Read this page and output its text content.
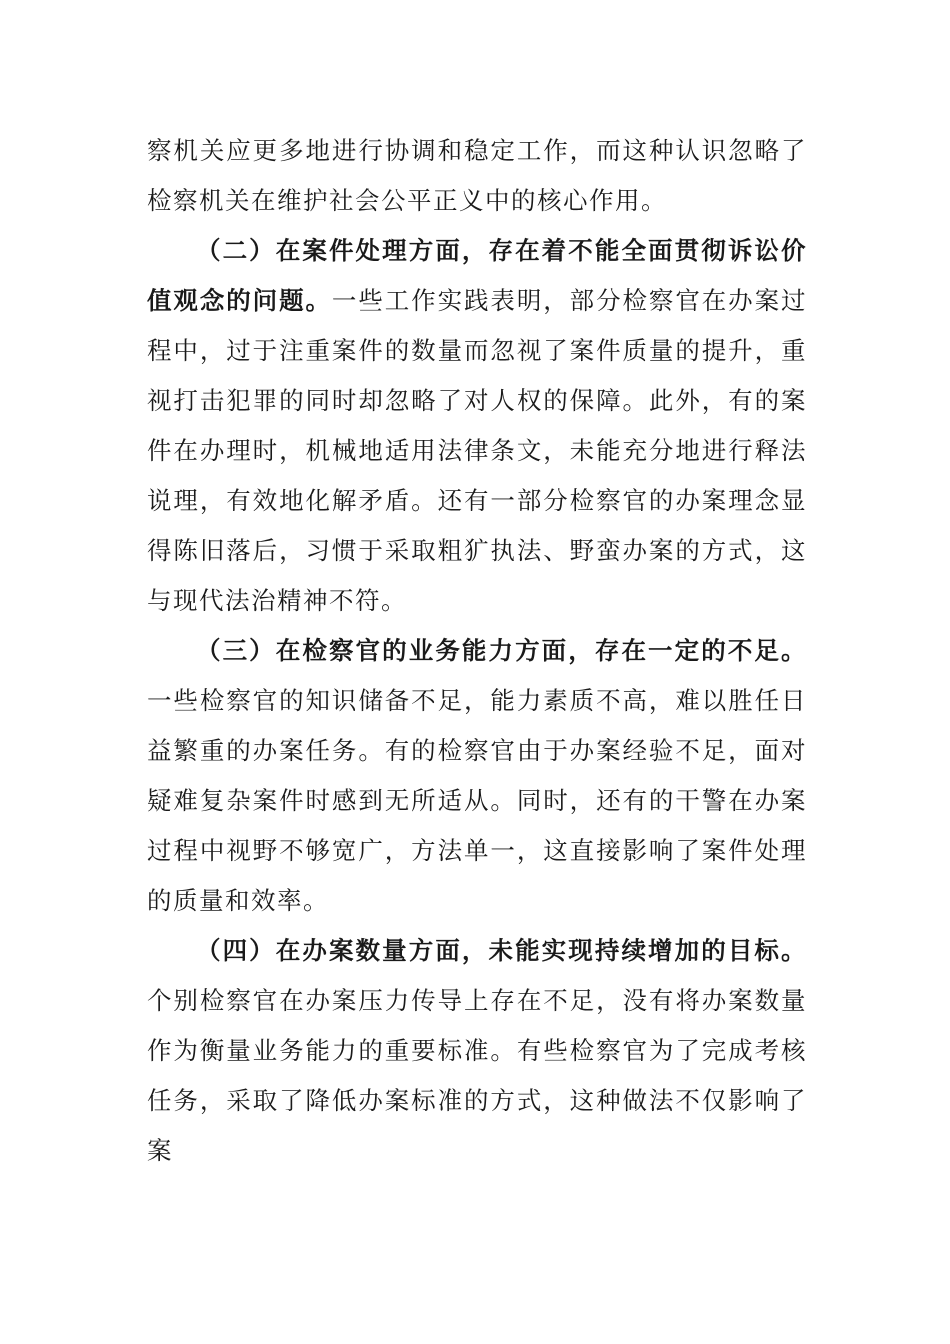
察机关应更多地进行协调和稳定工作，而这种认识忽略了检察机关在维护社会公平正义中的核心作用。

（二）在案件处理方面，存在着不能全面贯彻诉讼价值观念的问题。一些工作实践表明，部分检察官在办案过程中，过于注重案件的数量而忽视了案件质量的提升，重视打击犯罪的同时却忽略了对人权的保障。此外，有的案件在办理时，机械地适用法律条文，未能充分地进行释法说理，有效地化解矛盾。还有一部分检察官的办案理念显得陈旧落后，习惯于采取粗犷执法、野蛮办案的方式，这与现代法治精神不符。

（三）在检察官的业务能力方面，存在一定的不足。一些检察官的知识储备不足，能力素质不高，难以胜任日益繁重的办案任务。有的检察官由于办案经验不足，面对疑难复杂案件时感到无所适从。同时，还有的干警在办案过程中视野不够宽广，方法单一，这直接影响了案件处理的质量和效率。

（四）在办案数量方面，未能实现持续增加的目标。个别检察官在办案压力传导上存在不足，没有将办案数量作为衡量业务能力的重要标准。有些检察官为了完成考核任务，采取了降低办案标准的方式，这种做法不仅影响了案
